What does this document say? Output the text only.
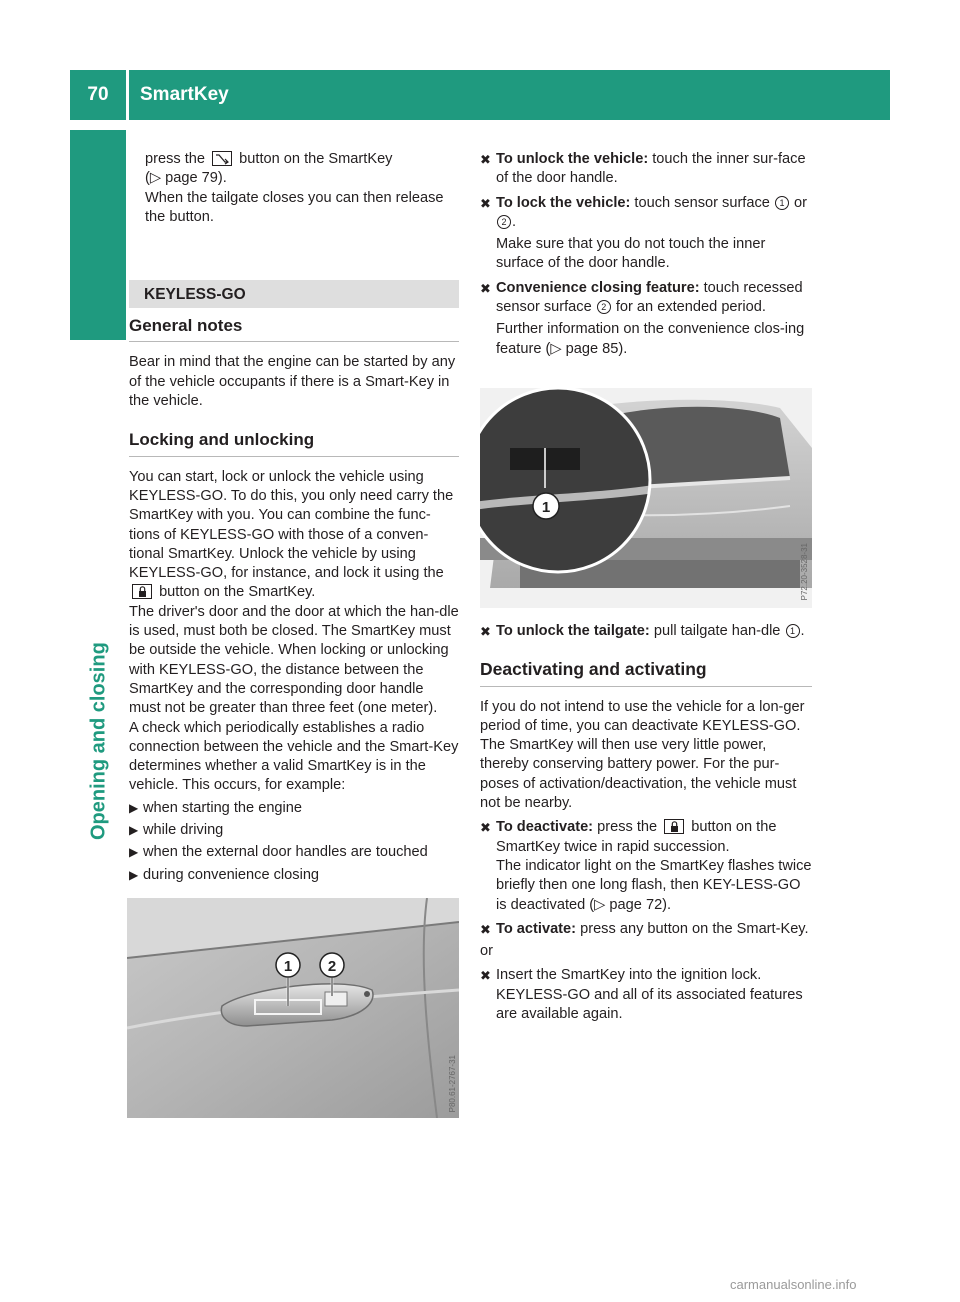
70	SmartKey
Opening and closing

press the button on the SmartKey

(▷ page 79).

When the tailgate closes you can then release the button.

KEYLESS-GO
General notes

Bear in mind that the engine can be started by any of the vehicle occupants if there is a Smart-Key in the vehicle.

Locking and unlocking

You can start, lock or unlock the vehicle using KEYLESS-GO. To do this, you only need carry the SmartKey with you. You can combine the func-tions of KEYLESS-GO with those of a conven-tional SmartKey. Unlock the vehicle by using KEYLESS-GO, for instance, and lock it using the  button on the SmartKey.

The driver's door and the door at which the han-dle is used, must both be closed. The SmartKey must be outside the vehicle. When locking or unlocking with KEYLESS-GO, the distance between the SmartKey and the corresponding door handle must not be greater than three feet (one meter).

A check which periodically establishes a radio connection between the vehicle and the Smart-Key determines whether a valid SmartKey is in the vehicle. This occurs, for example:

▶︎ when starting the engine
▶︎ while driving
▶︎ when the external door handles are touched
▶︎ during convenience closing
1 2
P80.61-2767-31
✖︎ To unlock the vehicle: touch the inner sur-face of the door handle.
✖︎ To lock the vehicle: touch sensor surface 1 or 2 .

Make sure that you do not touch the inner surface of the door handle.

✖︎ Convenience closing feature: touch recessed sensor surface 2 for an extended period.

Further information on the convenience clos-ing feature (▷ page 85).

1
P72.20-3528-31
✖︎ To unlock the tailgate: pull tailgate han-dle 1 .
Deactivating and activating

If you do not intend to use the vehicle for a lon-ger period of time, you can deactivate KEYLESS-GO. The SmartKey will then use very little power, thereby conserving battery power. For the pur-poses of activation/deactivation, the vehicle must not be nearby.

✖︎ To deactivate: press the button on the SmartKey twice in rapid succession.

The indicator light on the SmartKey flashes twice briefly then one long flash, then KEY-LESS-GO is deactivated (▷ page 72).

✖︎ To activate: press any button on the Smart-Key.

or

✖︎ Insert the SmartKey into the ignition lock.

KEYLESS-GO and all of its associated features are available again.

carmanualsonline.info
